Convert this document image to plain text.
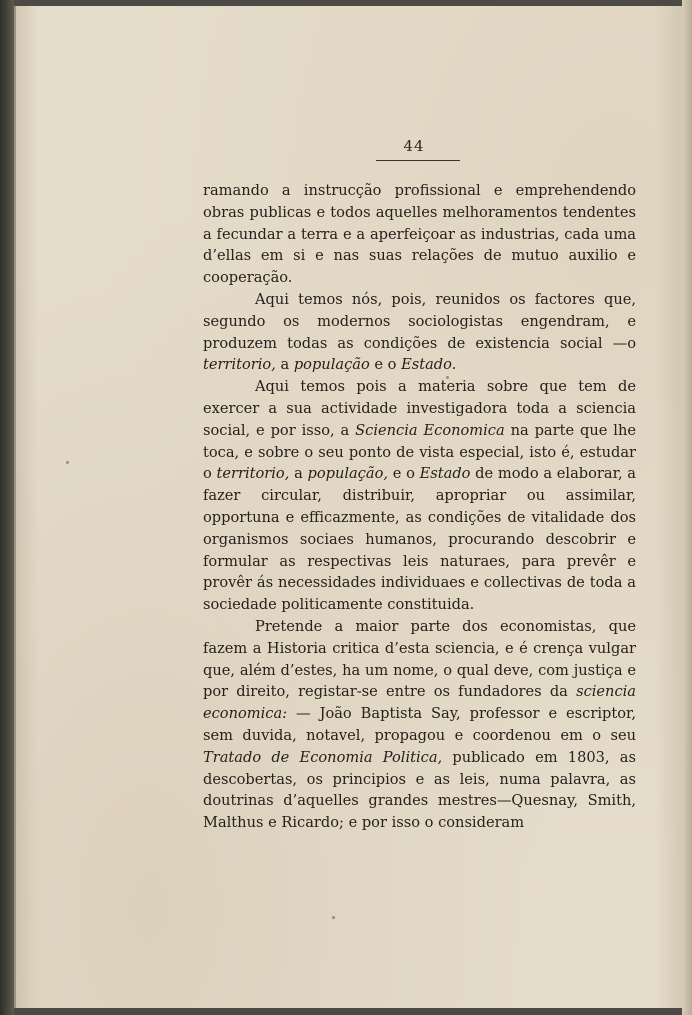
44

ramando a instrucção profissional e emprehendendo obras publicas e todos aquelles melhoramentos tendentes a fecundar a terra e a aperfeiçoar as industrias, cada uma d’ellas em si e nas suas relações de mutuo auxilio e cooperação.

Aqui temos nós, pois, reunidos os factores que, segundo os modernos sociologistas engendram, e produzem todas as condições de existencia social —o territorio, a população e o Estado.

Aqui temos pois a materia sobre que tem de exercer a sua actividade investigadora toda a sciencia social, e por isso, a Sciencia Economica na parte que lhe toca, e sobre o seu ponto de vista especial, isto é, estudar o territorio, a população, e o Estado de modo a elaborar, a fazer circular, distribuir, apropriar ou assimilar, opportuna e efficazmente, as condições de vitalidade dos organismos sociaes humanos, procurando descobrir e formular as respectivas leis naturaes, para prevêr e provêr ás necessidades individuaes e collectivas de toda a sociedade politicamente constituida.

Pretende a maior parte dos economistas, que fazem a Historia critica d’esta sciencia, e é crença vulgar que, além d’estes, ha um nome, o qual deve, com justiça e por direito, registar-se entre os fundadores da sciencia economica: — João Baptista Say, professor e escriptor, sem duvida, notavel, propagou e coordenou em o seu Tratado de Economia Politica, publicado em 1803, as descobertas, os principios e as leis, numa palavra, as doutrinas d’aquelles grandes mestres—Quesnay, Smith, Malthus e Ricardo; e por isso o consideram
